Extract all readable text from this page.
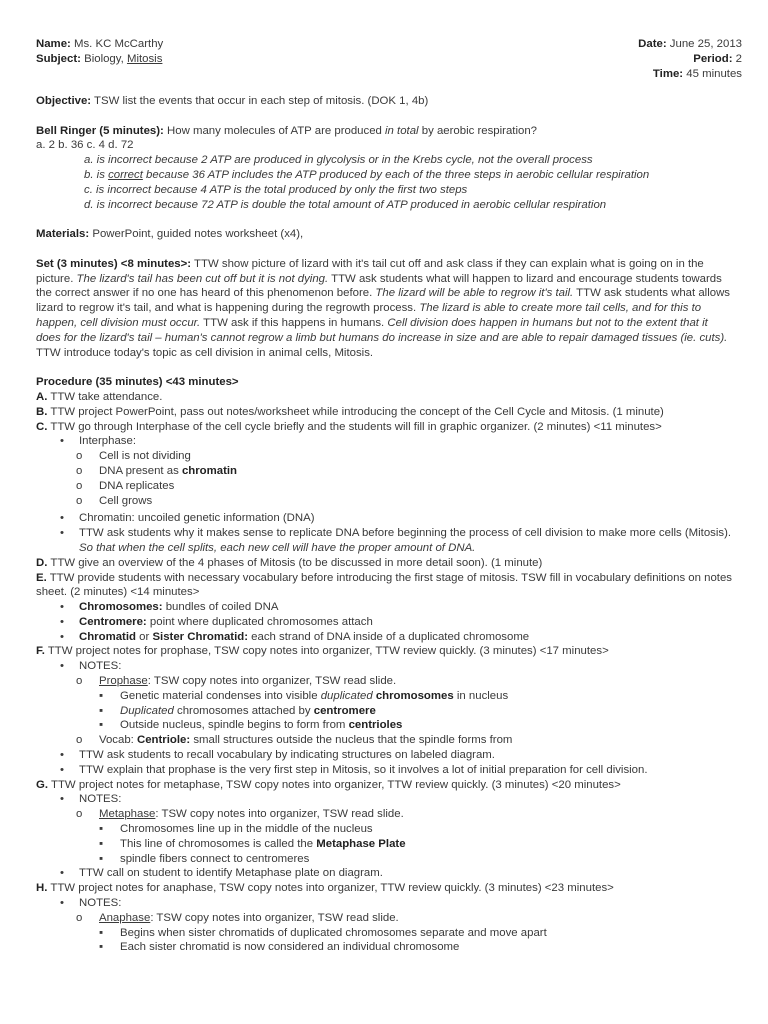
Name: Ms. KC McCarthy
Subject: Biology, Mitosis
Date: June 25, 2013
Period: 2
Time: 45 minutes
Objective: TSW list the events that occur in each step of mitosis. (DOK 1, 4b)
Bell Ringer (5 minutes): How many molecules of ATP are produced in total by aerobic respiration?
a. 2 b. 36 c. 4 d. 72
a. is incorrect because 2 ATP are produced in glycolysis or in the Krebs cycle, not the overall process
b. is correct because 36 ATP includes the ATP produced by each of the three steps in aerobic cellular respiration
c. is incorrect because 4 ATP is the total produced by only the first two steps
d. is incorrect because 72 ATP is double the total amount of ATP produced in aerobic cellular respiration
Materials: PowerPoint, guided notes worksheet (x4),
Set (3 minutes) <8 minutes>: TTW show picture of lizard with it's tail cut off and ask class if they can explain what is going on in the picture. The lizard's tail has been cut off but it is not dying. TTW ask students what will happen to lizard and encourage students towards the correct answer if no one has heard of this phenomenon before. The lizard will be able to regrow it's tail. TTW ask students what allows lizard to regrow it's tail, and what is happening during the regrowth process. The lizard is able to create more tail cells, and for this to happen, cell division must occur. TTW ask if this happens in humans. Cell division does happen in humans but not to the extent that it does for the lizard's tail – human's cannot regrow a limb but humans do increase in size and are able to repair damaged tissues (ie. cuts). TTW introduce today's topic as cell division in animal cells, Mitosis.
Procedure (35 minutes) <43 minutes>
A. TTW take attendance.
B. TTW project PowerPoint, pass out notes/worksheet while introducing the concept of the Cell Cycle and Mitosis. (1 minute)
C. TTW go through Interphase of the cell cycle briefly and the students will fill in graphic organizer. (2 minutes) <11 minutes>
• Interphase:
o Cell is not dividing
o DNA present as chromatin
o DNA replicates
o Cell grows
• Chromatin: uncoiled genetic information (DNA)
• TTW ask students why it makes sense to replicate DNA before beginning the process of cell division to make more cells (Mitosis). So that when the cell splits, each new cell will have the proper amount of DNA.
D. TTW give an overview of the 4 phases of Mitosis (to be discussed in more detail soon). (1 minute)
E. TTW provide students with necessary vocabulary before introducing the first stage of mitosis. TSW fill in vocabulary definitions on notes sheet. (2 minutes) <14 minutes>
• Chromosomes: bundles of coiled DNA
• Centromere: point where duplicated chromosomes attach
• Chromatid or Sister Chromatid: each strand of DNA inside of a duplicated chromosome
F. TTW project notes for prophase, TSW copy notes into organizer, TTW review quickly. (3 minutes) <17 minutes>
• NOTES:
o Prophase: TSW copy notes into organizer, TSW read slide.
▪ Genetic material condenses into visible duplicated chromosomes in nucleus
▪ Duplicated chromosomes attached by centromere
▪ Outside nucleus, spindle begins to form from centrioles
o Vocab: Centriole: small structures outside the nucleus that the spindle forms from
• TTW ask students to recall vocabulary by indicating structures on labeled diagram.
• TTW explain that prophase is the very first step in Mitosis, so it involves a lot of initial preparation for cell division.
G. TTW project notes for metaphase, TSW copy notes into organizer, TTW review quickly. (3 minutes) <20 minutes>
• NOTES:
o Metaphase: TSW copy notes into organizer, TSW read slide.
▪ Chromosomes line up in the middle of the nucleus
▪ This line of chromosomes is called the Metaphase Plate
▪ spindle fibers connect to centromeres
• TTW call on student to identify Metaphase plate on diagram.
H. TTW project notes for anaphase, TSW copy notes into organizer, TTW review quickly. (3 minutes) <23 minutes>
• NOTES:
o Anaphase: TSW copy notes into organizer, TSW read slide.
▪ Begins when sister chromatids of duplicated chromosomes separate and move apart
▪ Each sister chromatid is now considered an individual chromosome
